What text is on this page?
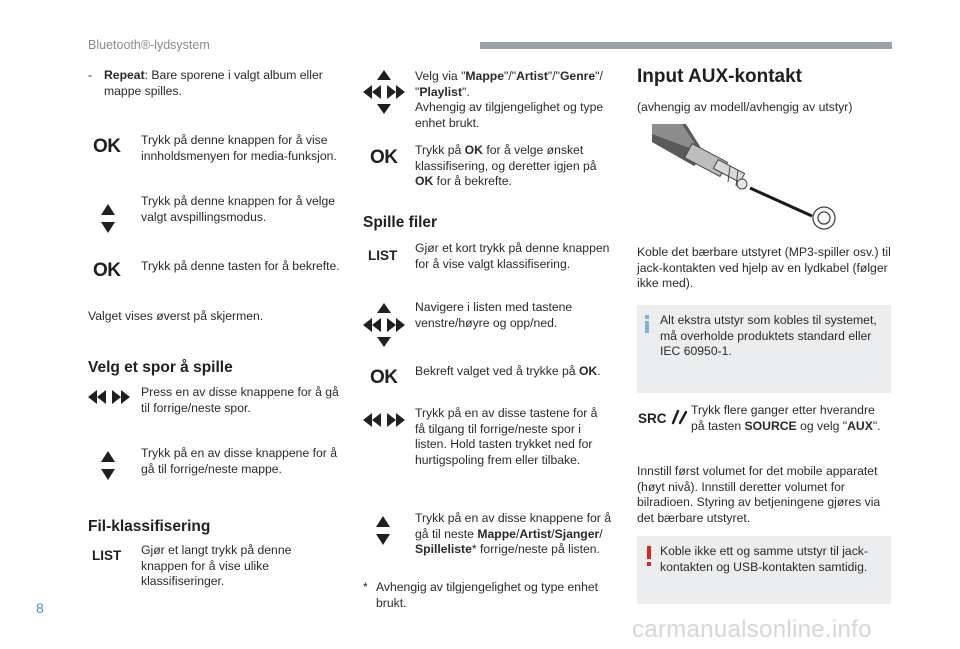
Bluetooth®-lydsystem
- Repeat: Bare sporene i valgt album eller mappe spilles.
OK Trykk på denne knappen for å vise innholdsmenyen for media-funksjon.
Trykk på denne knappen for å velge valgt avspillingsmodus.
OK Trykk på denne tasten for å bekrefte.
Valget vises øverst på skjermen.
Velg et spor å spille
Press en av disse knappene for å gå til forrige/neste spor.
Trykk på en av disse knappene for å gå til forrige/neste mappe.
Fil-klassifisering
LIST Gjør et langt trykk på denne knappen for å vise ulike klassifiseringer.
Velg via "Mappe"/"Artist"/"Genre"/ "Playlist".
Avhengig av tilgjengelighet og type enhet brukt.
OK Trykk på OK for å velge ønsket klassifisering, og deretter igjen på OK for å bekrefte.
Spille filer
LIST Gjør et kort trykk på denne knappen for å vise valgt klassifisering.
Navigere i listen med tastene venstre/høyre og opp/ned.
OK Bekreft valget ved å trykke på OK.
Trykk på en av disse tastene for å få tilgang til forrige/neste spor i listen. Hold tasten trykket ned for hurtigspoling frem eller tilbake.
Trykk på en av disse knappene for å gå til neste Mappe/Artist/Sjanger/ Spilleliste* forrige/neste på listen.
* Avhengig av tilgjengelighet og type enhet brukt.
Input AUX-kontakt
(avhengig av modell/avhengig av utstyr)
Koble det bærbare utstyret (MP3-spiller osv.) til jack-kontakten ved hjelp av en lydkabel (følger ikke med).
Alt ekstra utstyr som kobles til systemet, må overholde produktets standard eller IEC 60950-1.
SRC
Trykk flere ganger etter hverandre på tasten SOURCE og velg "AUX".
Innstill først volumet for det mobile apparatet (høyt nivå). Innstill deretter volumet for bilradioen. Styring av betjeningene gjøres via det bærbare utstyret.
Koble ikke ett og samme utstyr til jack-kontakten og USB-kontakten samtidig.
8
carmanualsonline.info
